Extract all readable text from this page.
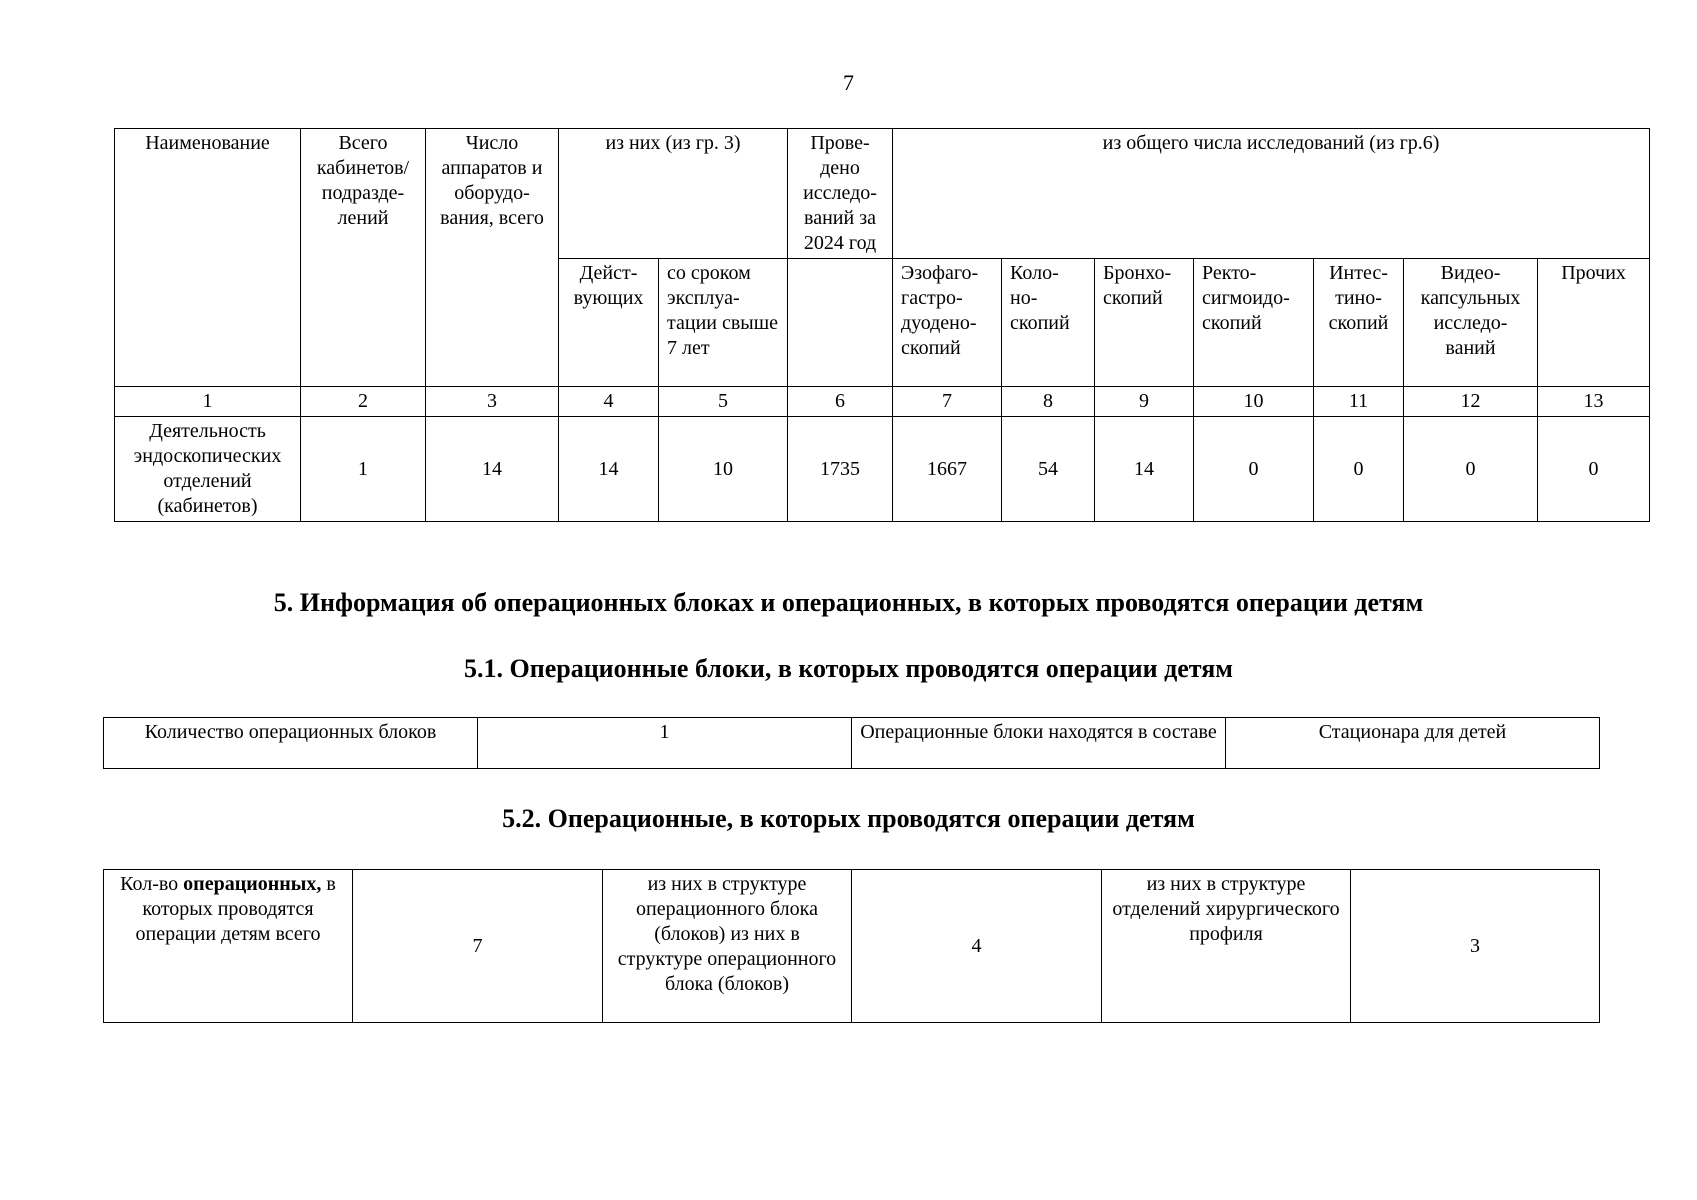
7
Наименование	Всего кабинетов/ подразде- лений	Число аппаратов и оборудо- вания, всего	из них (из гр. 3)		Прове- дено исследо- ваний за 2024 год	из общего числа исследований (из гр.6)						
			Дейст- вующих	со сроком эксплуа- тации свыше 7 лет		Эзофаго- гастро- дуодено- скопий	Коло- но- скопий	Бронхо- скопий	Ректо- сигмоидо- скопий	Интес- тино- скопий	Видео- капсульных исследо- ваний	Прочих
1	2	3	4	5	6	7	8	9	10	11	12	13
Деятельность эндоскопических отделений (кабинетов)	1	14	14	10	1735	1667	54	14	0	0	0	0
5. Информация об операционных блоках и операционных, в которых проводятся операции детям
5.1. Операционные блоки, в которых проводятся операции детям
Количество операционных блоков	1	Операционные блоки находятся в составе	Стационара для детей
5.2. Операционные, в которых проводятся операции детям
Кол-во операционных, в которых проводятся операции детям всего	7	из них в структуре операционного блока (блоков) из них в структуре операционного блока (блоков)	4	из них в структуре отделений хирургического профиля	3
